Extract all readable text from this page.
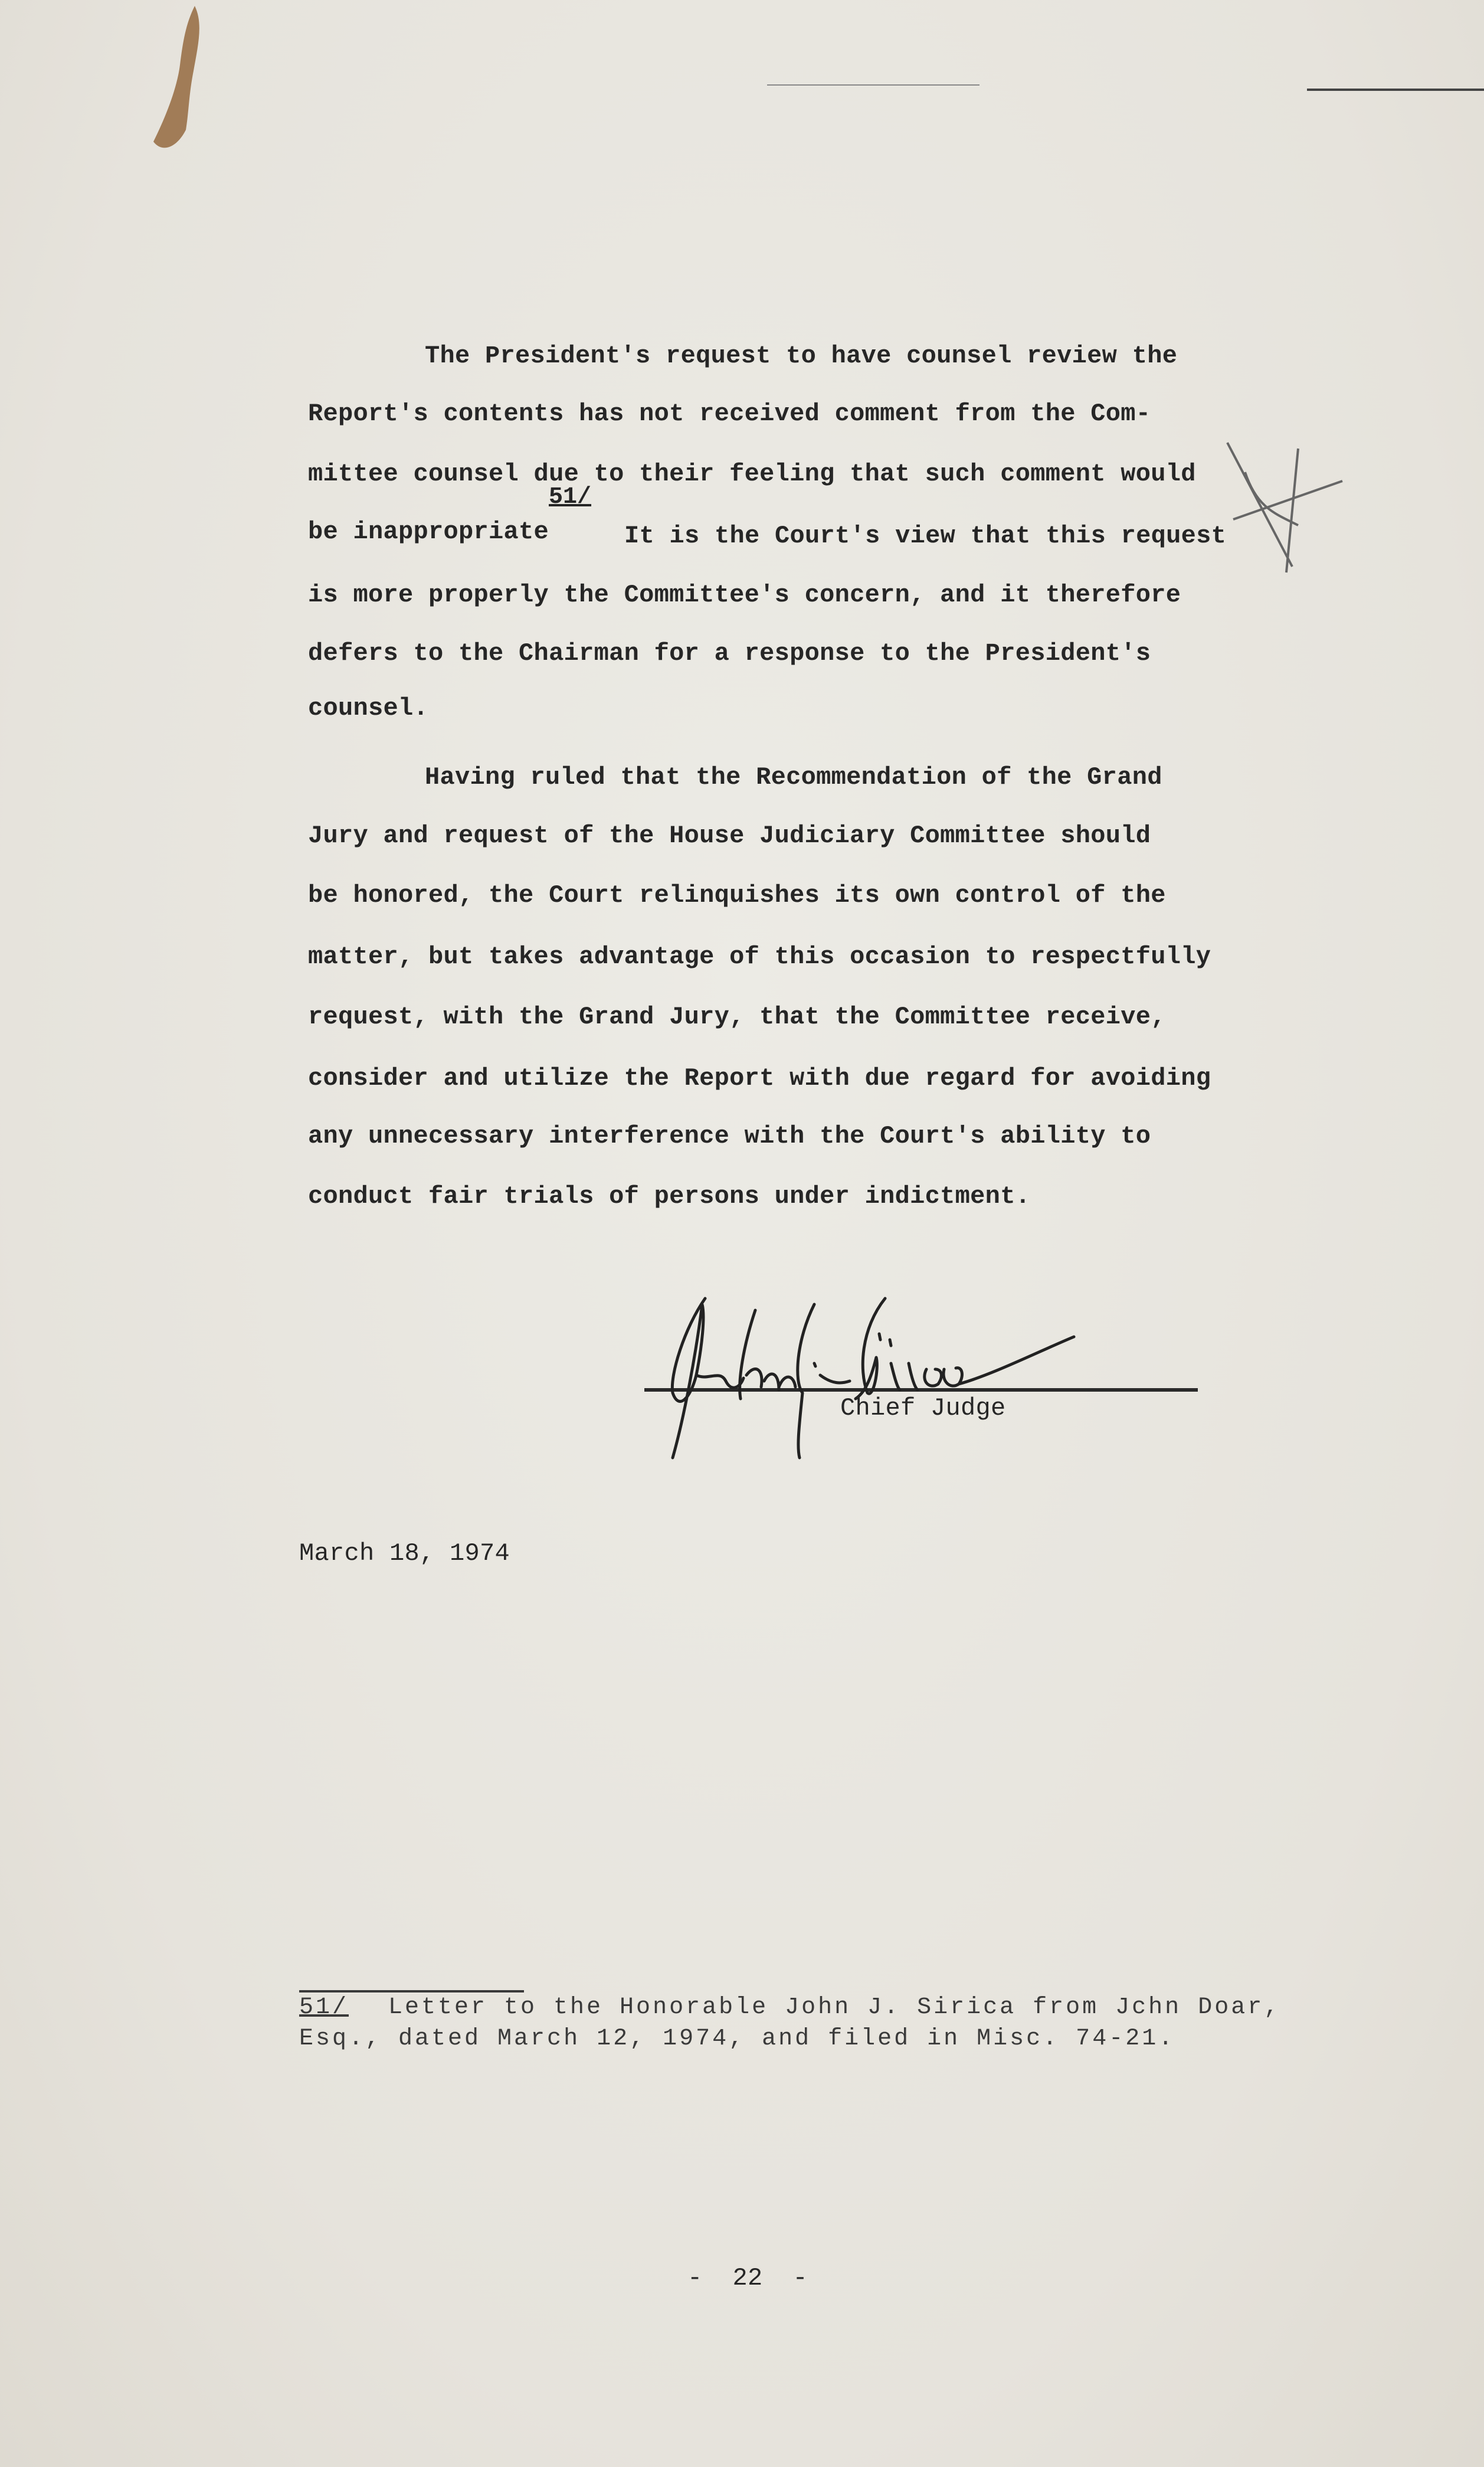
The President's request to have counsel review the
Report's contents has not received comment from the Com-
mittee counsel due to their feeling that such comment would
be inappropriate
51/
It is the Court's view that this request
is more properly the Committee's concern, and it therefore
defers to the Chairman for a response to the President's
counsel.
Having ruled that the Recommendation of the Grand
Jury and request of the House Judiciary Committee should
be honored, the Court relinquishes its own control of the
matter, but takes advantage of this occasion to respectfully
request, with the Grand Jury, that the Committee receive,
consider and utilize the Report with due regard for avoiding
any unnecessary interference with the Court's ability to
conduct fair trials of persons under indictment.
Chief Judge
March 18, 1974
51/ Letter to the Honorable John J. Sirica from Jchn Doar,
Esq., dated March 12, 1974, and filed in Misc. 74-21.
-  22  -
